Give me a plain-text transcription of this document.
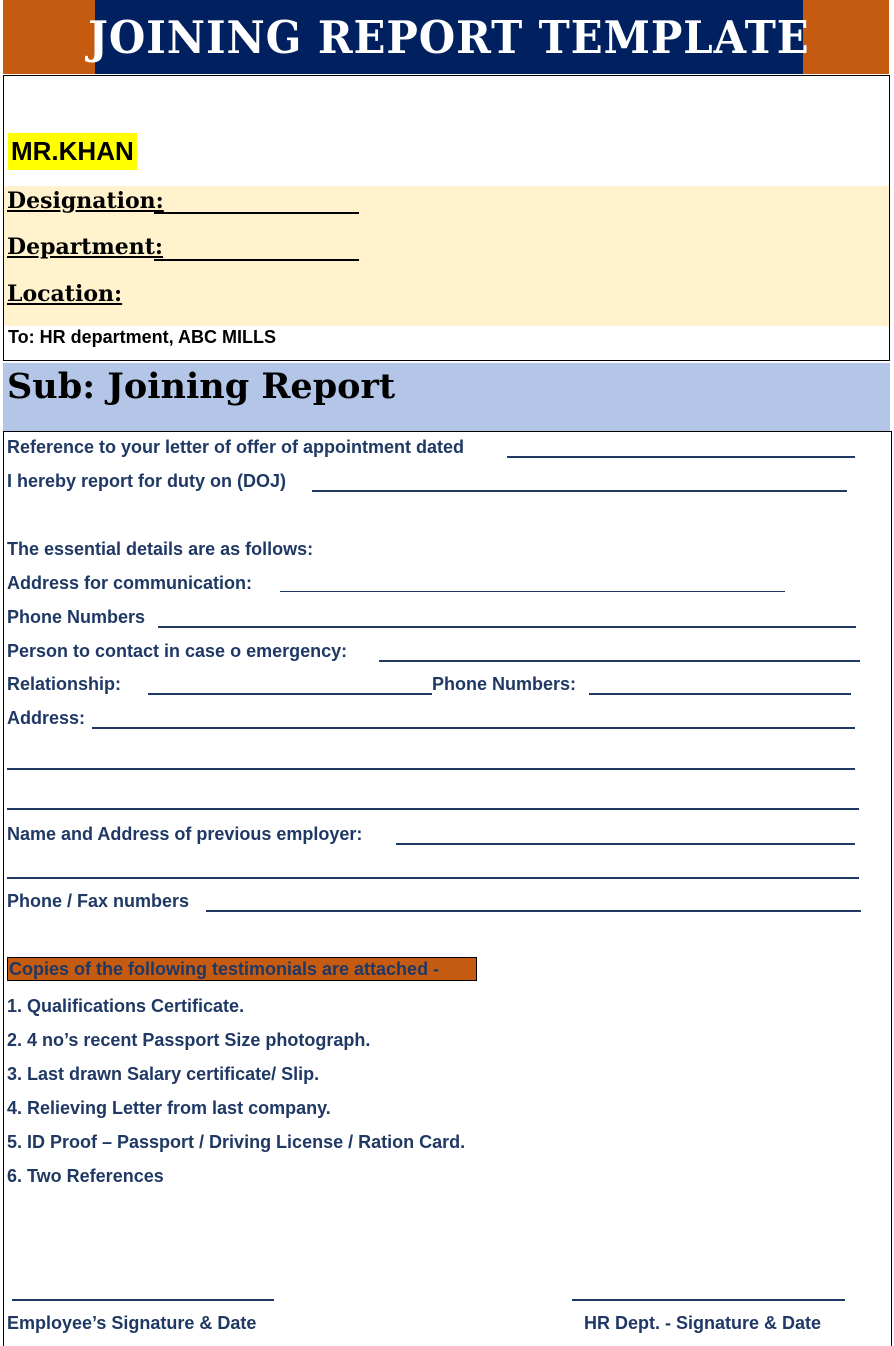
JOINING REPORT TEMPLATE
MR.KHAN
Designation:
Department:
Location:
To: HR department, ABC MILLS
Sub: Joining Report
Reference to your letter of offer of appointment dated
I hereby report for duty on (DOJ)
The essential details are as follows:
Address for communication:
Phone Numbers
Person to contact in case o emergency:
Relationship:	Phone Numbers:
Address:
Name and Address of previous employer:
Phone / Fax numbers
Copies of the following testimonials are attached -
1. Qualifications Certificate.
2. 4 no’s recent Passport Size photograph.
3. Last drawn Salary certificate/ Slip.
4. Relieving Letter from last company.
5. ID Proof – Passport / Driving License / Ration Card.
6. Two References
Employee’s Signature & Date	HR Dept. - Signature & Date
